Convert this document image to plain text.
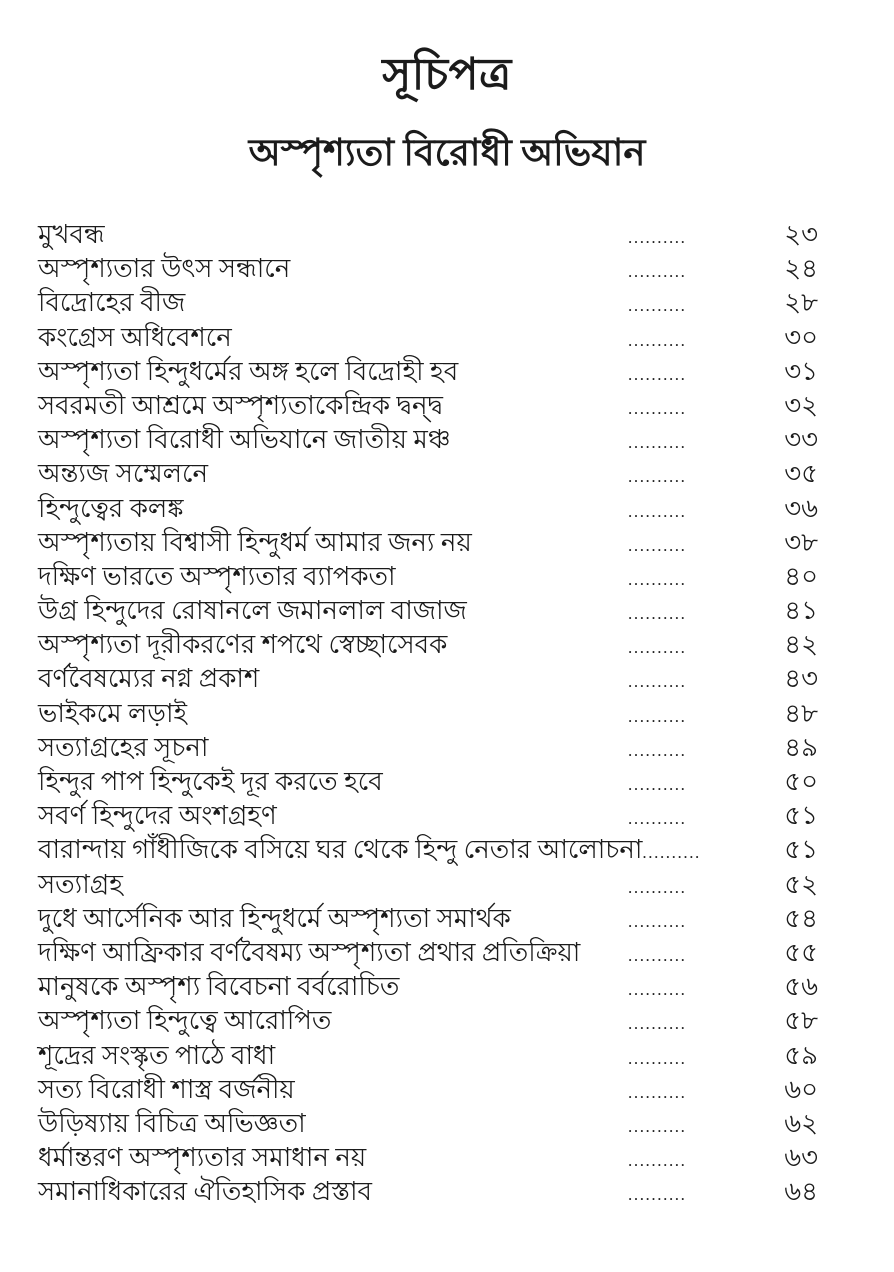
সূচিপত্র
অস্পৃশ্যতা বিরোধী অভিযান
মুখবন্ধ	..........	২৩
অস্পৃশ্যতার উৎস সন্ধানে	..........	২৪
বিদ্রোহের বীজ	..........	২৮
কংগ্রেস অধিবেশনে	..........	৩০
অস্পৃশ্যতা হিন্দুধর্মের অঙ্গ হলে বিদ্রোহী হব	..........	৩১
সবরমতী আশ্রমে অস্পৃশ্যতাকেন্দ্রিক দ্বন্দ্ব	..........	৩২
অস্পৃশ্যতা বিরোধী অভিযানে জাতীয় মঞ্চ	..........	৩৩
অন্ত্যজ সম্মেলনে	..........	৩৫
হিন্দুত্বের কলঙ্ক	..........	৩৬
অস্পৃশ্যতায় বিশ্বাসী হিন্দুধর্ম আমার জন্য নয়	..........	৩৮
দক্ষিণ ভারতে অস্পৃশ্যতার ব্যাপকতা	..........	৪০
উগ্র হিন্দুদের রোষানলে জমানলাল বাজাজ	..........	৪১
অস্পৃশ্যতা দূরীকরণের শপথে স্বেচ্ছাসেবক	..........	৪২
বর্ণবৈষম্যের নগ্ন প্রকাশ	..........	৪৩
ভাইকমে লড়াই	..........	৪৮
সত্যাগ্রহের সূচনা	..........	৪৯
হিন্দুর পাপ হিন্দুকেই দূর করতে হবে	..........	৫০
সবর্ণ হিন্দুদের অংশগ্রহণ	..........	৫১
বারান্দায় গাঁধীজিকে বসিয়ে ঘর থেকে হিন্দু নেতার আলোচনা ..........	৫১
সত্যাগ্রহ	..........	৫২
দুধে আর্সেনিক আর হিন্দুধর্মে অস্পৃশ্যতা সমার্থক	..........	৫৪
দক্ষিণ আফ্রিকার বর্ণবৈষম্য অস্পৃশ্যতা প্রথার প্রতিক্রিয়া	..........	৫৫
মানুষকে অস্পৃশ্য বিবেচনা বর্বরোচিত	..........	৫৬
অস্পৃশ্যতা হিন্দুত্বে আরোপিত	..........	৫৮
শূদ্রের সংস্কৃত পাঠে বাধা	..........	৫৯
সত্য বিরোধী শাস্ত্র বর্জনীয়	..........	৬০
উড়িষ্যায় বিচিত্র অভিজ্ঞতা	..........	৬২
ধর্মান্তরণ অস্পৃশ্যতার সমাধান নয়	..........	৬৩
সমানাধিকারের ঐতিহাসিক প্রস্তাব	..........	৬৪
